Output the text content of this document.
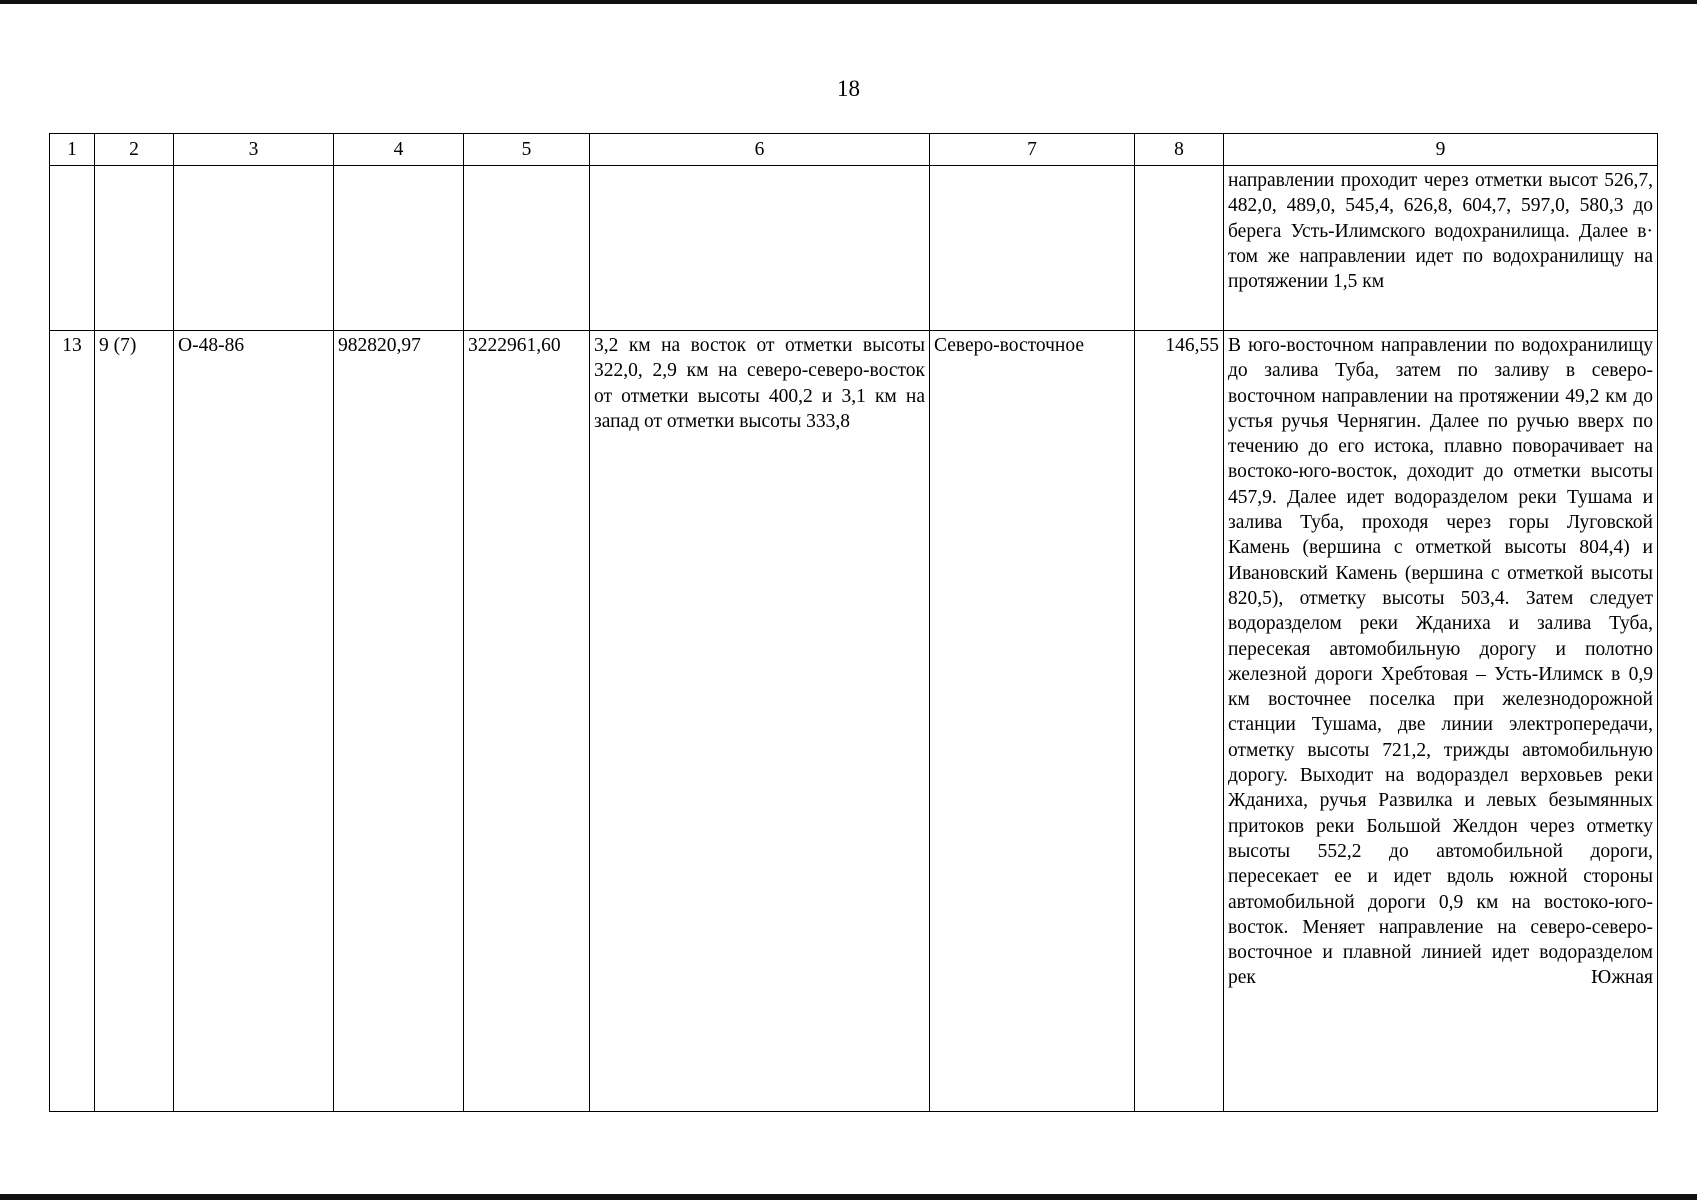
18
1	2	3	4	5	6	7	8	9

								направлении проходит через отметки высот 526,7, 482,0, 489,0, 545,4, 626,8, 604,7, 597,0, 580,3 до берега Усть-Илимского водохранилища. Далее в· том же направлении идет по водохранилищу на протяжении 1,5 км

13	9 (7)	О-48-86	982820,97	3222961,60	3,2 км на восток от отметки высоты 322,0, 2,9 км на северо-северо-восток от отметки высоты 400,2 и 3,1 км на запад от отметки высоты 333,8	Северо-восточное	146,55	В юго-восточном направлении по водохранилищу до залива Туба, затем по заливу в северо-восточном направлении на протяжении 49,2 км до устья ручья Чернягин. Далее по ручью вверх по течению до его истока, плавно поворачивает на востоко-юго-восток, доходит до отметки высоты 457,9. Далее идет водоразделом реки Тушама и залива Туба, проходя через горы Луговской Камень (вершина с отметкой высоты 804,4) и Ивановский Камень (вершина с отметкой высоты 820,5), отметку высоты 503,4. Затем следует водоразделом реки Жданиха и залива Туба, пересекая автомобильную дорогу и полотно железной дороги Хребтовая – Усть-Илимск в 0,9 км восточнее поселка при железнодорожной станции Тушама, две линии электропередачи, отметку высоты 721,2, трижды автомобильную дорогу. Выходит на водораздел верховьев реки Жданиха, ручья Развилка и левых безымянных притоков реки Большой Желдон через отметку высоты 552,2 до автомобильной дороги, пересекает ее и идет вдоль южной стороны автомобильной дороги 0,9 км на востоко-юго-восток. Меняет направление на северо-северо-восточное и плавной линией идет водоразделом рек Южная
